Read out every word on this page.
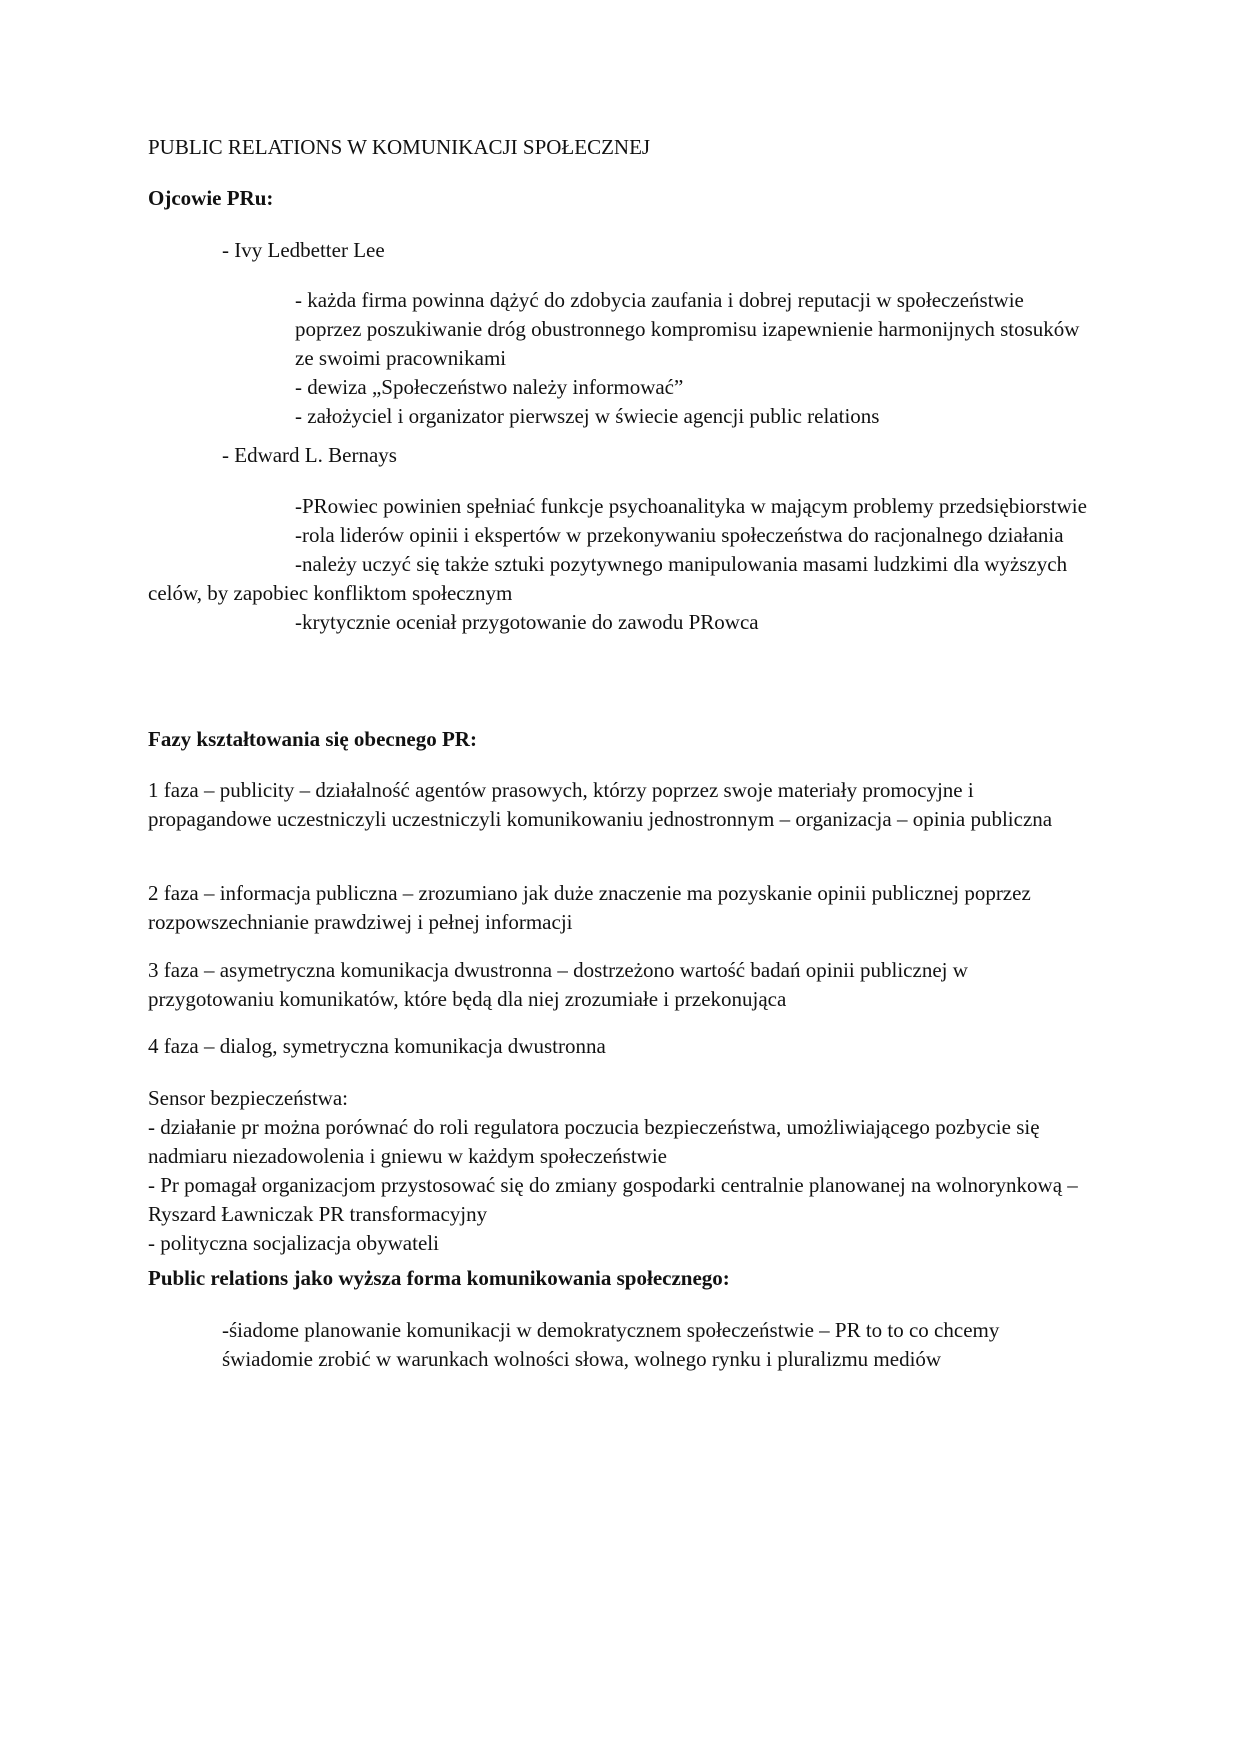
PUBLIC RELATIONS W KOMUNIKACJI SPOŁECZNEJ

Ojcowie PRu:

- Ivy Ledbetter Lee

- każda firma powinna dążyć do zdobycia zaufania i dobrej reputacji w społeczeństwie poprzez poszukiwanie dróg obustronnego kompromisu izapewnienie harmonijnych stosuków ze swoimi pracownikami
- dewiza „Społeczeństwo należy informować”
- założyciel i organizator pierwszej w świecie agencji public relations

- Edward L. Bernays

-PRowiec powinien spełniać funkcje psychoanalityka w mającym problemy przedsiębiorstwie
-rola liderów opinii i ekspertów w przekonywaniu społeczeństwa do racjonalnego działania
-należy uczyć się także sztuki pozytywnego manipulowania masami ludzkimi dla wyższych celów, by zapobiec konfliktom społecznym
-krytycznie oceniał przygotowanie do zawodu PRowca

Fazy kształtowania się obecnego PR:

1 faza – publicity – działalność agentów prasowych, którzy poprzez swoje materiały promocyjne i propagandowe uczestniczyli uczestniczyli komunikowaniu jednostronnym – organizacja – opinia publiczna

2 faza – informacja publiczna – zrozumiano jak duże znaczenie ma pozyskanie opinii publicznej poprzez rozpowszechnianie prawdziwej i pełnej informacji

3 faza – asymetryczna komunikacja dwustronna – dostrzeżono wartość badań opinii publicznej w przygotowaniu komunikatów, które będą dla niej zrozumiałe i przekonująca

4 faza – dialog, symetryczna komunikacja dwustronna

Sensor bezpieczeństwa:
- działanie pr można porównać do roli regulatora poczucia bezpieczeństwa, umożliwiającego pozbycie się nadmiaru niezadowolenia i gniewu w każdym społeczeństwie
- Pr pomagał organizacjom przystosować się do zmiany gospodarki centralnie planowanej na wolnorynkową – Ryszard Ławniczak PR transformacyjny
- polityczna socjalizacja obywateli

Public relations jako wyższa forma komunikowania społecznego:

-śiadome planowanie komunikacji w demokratycznem społeczeństwie – PR to to co chcemy świadomie zrobić w warunkach wolności słowa, wolnego rynku i pluralizmu mediów
